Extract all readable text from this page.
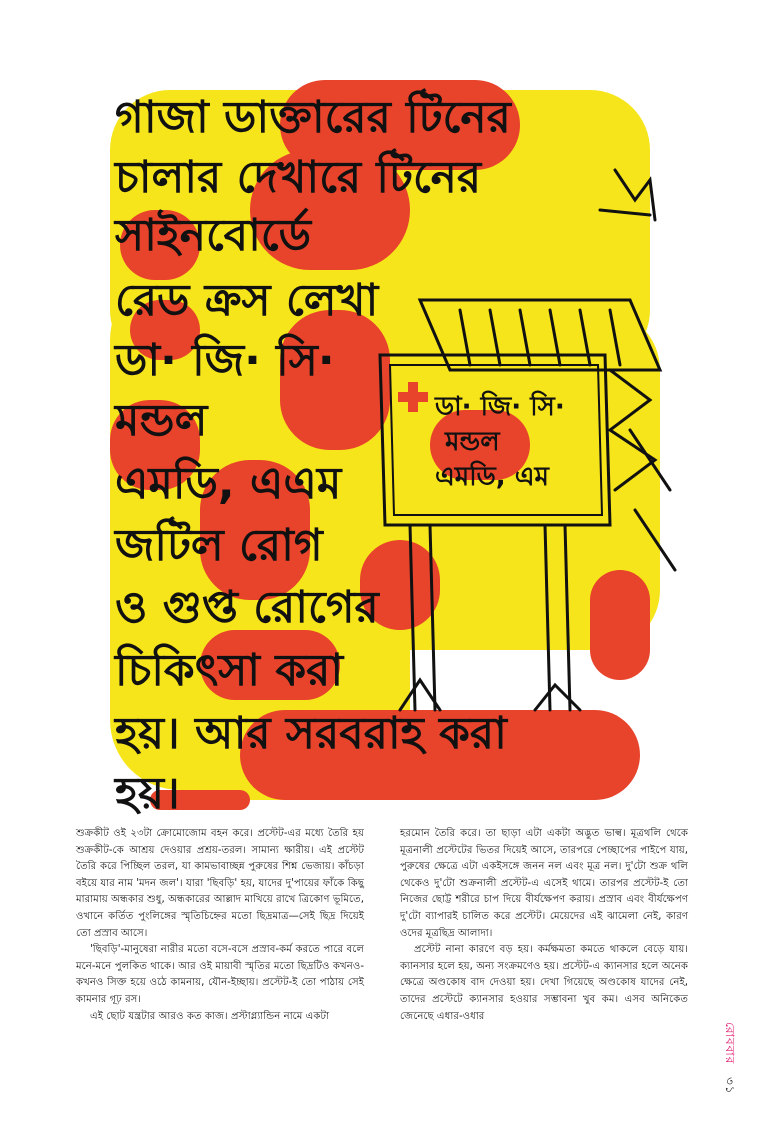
ডা· জি· সি·
মন্ডল
এমডি, এম
গাজা ডাক্তারের টিনের
চালার দেখারে টিনের
সাইনবোর্ডে
রেড ক্রস লেখা
ডা· জি· সি·
মন্ডল
এমডি, এএম
জটিল রোগ
ও গুপ্ত রোগের
চিকিৎসা করা
হয়। আর সরবরাহ করা
হয়।

শুক্রকীট ওই ২৩টা ক্রোমোজোম বহন করে। প্রস্টেট-এর মধ্যে তৈরি হয় শুক্রকীট-কে আশ্রয় দেওয়ার প্রশ্রয়-তরল। সামান্য ক্ষারীয়। এই প্রস্টেট তৈরি করে পিচ্ছিল তরল, যা কামভাবাচ্ছন্ন পুরুষের শিশ্ন ভেজায়। কাঁচড়া বইয়ে যার নাম 'মদন জল'। যারা 'ছিবড়ি' হয়, যাদের দু'পায়ের ফাঁকে কিছু মারামায় অন্ধকার শুধু, অন্ধকারের আল্লাদ মাখিয়ে রাখে ত্রিকোণ ভূমিতে, ওখানে কর্তিত পুংলিঙ্গের স্মৃতিচিহ্নের মতো ছিদ্রমাত্র—সেই ছিদ্র দিয়েই তো প্রস্রাব আসে।

'ছিবড়ি'-মানুষেরা নারীর মতো বসে-বসে প্রস্রাব-কর্ম করতে পারে বলে মনে-মনে পুলকিত থাকে। আর ওই মায়াবী স্মৃতির মতো ছিদ্রটিও কখনও-কখনও সিক্ত হয়ে ওঠে কামনায়, যৌন-ইচ্ছায়। প্রস্টেট-ই তো পাঠায় সেই কামনার গূঢ় রস।

এই ছোট যন্ত্রটার আরও কত কাজ। প্রস্টাগ্ল্যান্ডিন নামে একটা

হরমোন তৈরি করে। তা ছাড়া এটা একটা অদ্ভুত ভাল্ব। মূত্রথলি থেকে মূত্রনালী প্রস্টেটের ভিতর দিয়েই আসে, তারপরে পেচ্ছাপের পাইপে যায়, পুরুষের ক্ষেত্রে এটা একইসঙ্গে জনন নল এবং মূত্র নল। দু'টো শুক্র থলি থেকেও দু'টো শুক্রনালী প্রস্টেট-এ এসেই থামে। তারপর প্রস্টেট-ই তো নিজের ছোট্ট শরীরে চাপ দিয়ে বীর্যক্ষেপণ করায়। প্রস্রাব এবং বীর্যক্ষেপণ দু'টো ব্যাপারই চালিত করে প্রস্টেট। মেয়েদের এই ঝামেলা নেই, কারণ ওদের মূত্রছিদ্র আলাদা।

প্রস্টেট নানা কারণে বড় হয়। কর্মক্ষমতা কমতে থাকলে বেড়ে যায়। ক্যানসার হলে হয়, অন্য সংক্রমণেও হয়। প্রস্টেট-এ ক্যানসার হলে অনেক ক্ষেত্রে অণ্ডকোষ বাদ দেওয়া হয়। দেখা গিয়েছে অণ্ডকোষ যাদের নেই, তাদের প্রস্টেটে ক্যানসার হওয়ার সম্ভাবনা খুব কম। এসব অনিকেত জেনেছে এধার-ওধার

রোববার ৩১
